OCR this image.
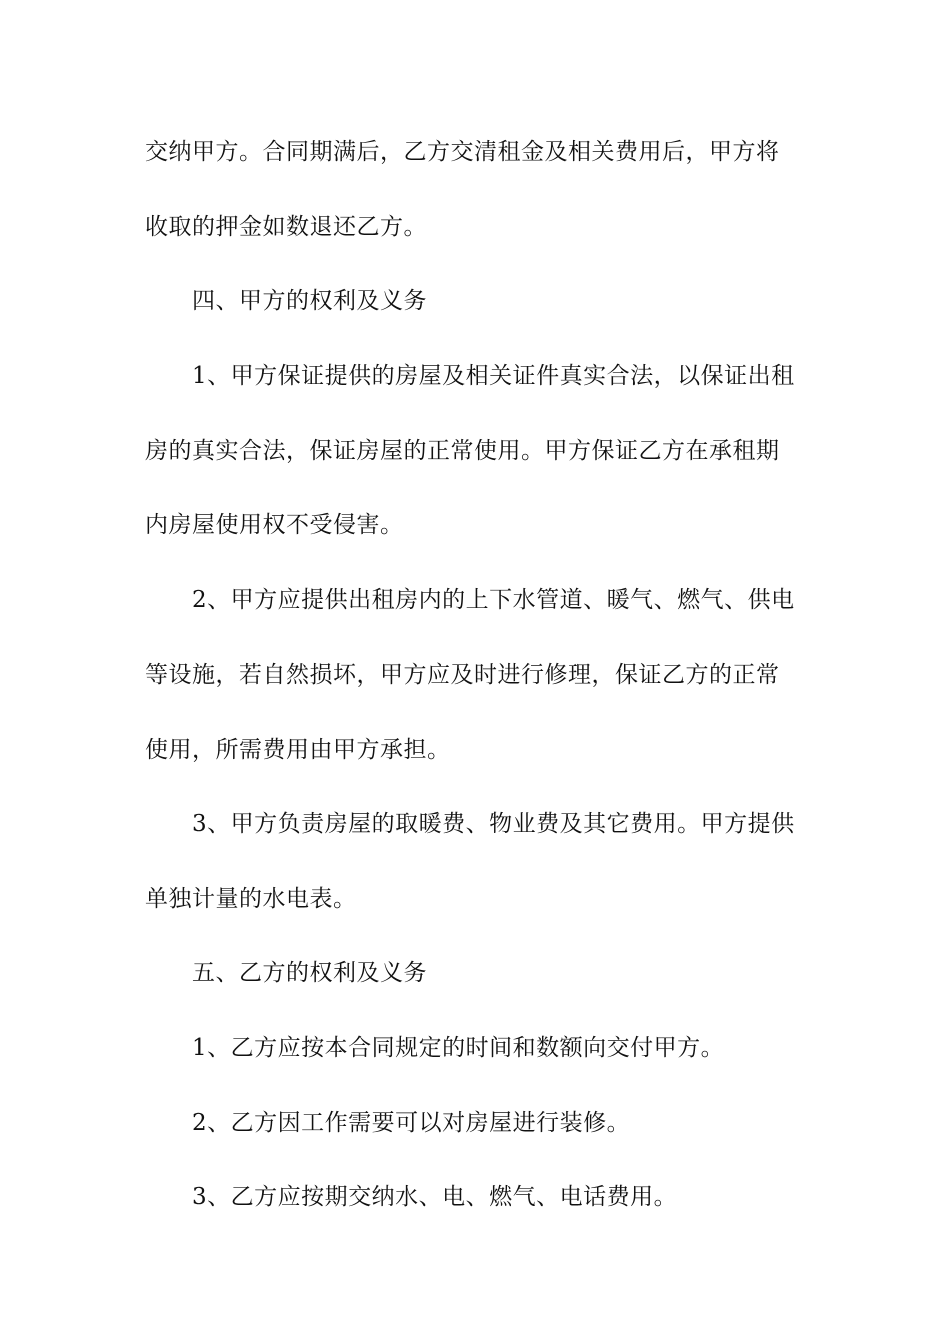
交纳甲方。合同期满后，乙方交清租金及相关费用后，甲方将
收取的押金如数退还乙方。
四、甲方的权利及义务
1、甲方保证提供的房屋及相关证件真实合法，以保证出租
房的真实合法，保证房屋的正常使用。甲方保证乙方在承租期
内房屋使用权不受侵害。
2、甲方应提供出租房内的上下水管道、暖气、燃气、供电
等设施，若自然损坏，甲方应及时进行修理，保证乙方的正常
使用，所需费用由甲方承担。
3、甲方负责房屋的取暖费、物业费及其它费用。甲方提供
单独计量的水电表。
五、乙方的权利及义务
1、乙方应按本合同规定的时间和数额向交付甲方。
2、乙方因工作需要可以对房屋进行装修。
3、乙方应按期交纳水、电、燃气、电话费用。
